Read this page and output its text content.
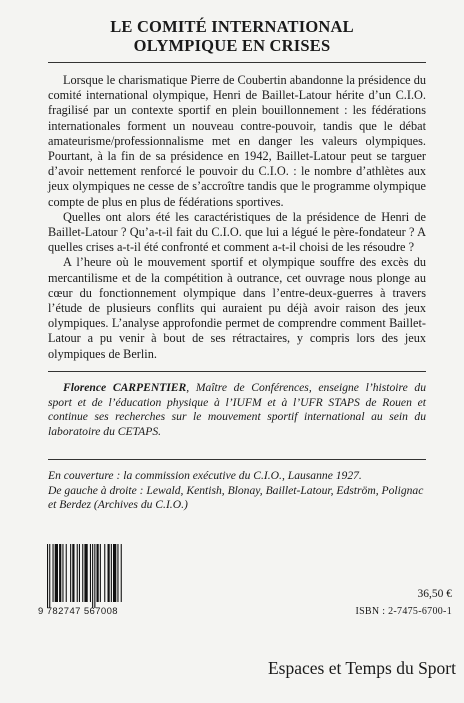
LE COMITÉ INTERNATIONAL
OLYMPIQUE EN CRISES

Lorsque le charismatique Pierre de Coubertin abandonne la présidence du comité international olympique, Henri de Baillet-Latour hérite d’un C.I.O. fragilisé par un contexte sportif en plein bouillonnement : les fédérations internationales forment un nouveau contre-pouvoir, tandis que le débat amateurisme/professionnalisme met en danger les valeurs olympiques. Pourtant, à la fin de sa présidence en 1942, Baillet-Latour peut se targuer d’avoir nettement renforcé le pouvoir du C.I.O. : le nombre d’athlètes aux jeux olympiques ne cesse de s’accroître tandis que le programme olympique compte de plus en plus de fédérations sportives.

Quelles ont alors été les caractéristiques de la présidence de Henri de Baillet-Latour ? Qu’a-t-il fait du C.I.O. que lui a légué le père-fondateur ? A quelles crises a-t-il été confronté et comment a-t-il choisi de les résoudre ?

A l’heure où le mouvement sportif et olympique souffre des excès du mercantilisme et de la compétition à outrance, cet ouvrage nous plonge au cœur du fonctionnement olympique dans l’entre-deux-guerres à travers l’étude de plusieurs conflits qui auraient pu déjà avoir raison des jeux olympiques. L’analyse approfondie permet de comprendre comment Baillet-Latour a pu venir à bout de ses rétractaires, y compris lors des jeux olympiques de Berlin.

Florence CARPENTIER, Maître de Conférences, enseigne l’histoire du sport et de l’éducation physique à l’IUFM et à l’UFR STAPS de Rouen et continue ses recherches sur le mouvement sportif international au sein du laboratoire du CETAPS.

En couverture : la commission exécutive du C.I.O., Lausanne 1927.

De gauche à droite : Lewald, Kentish, Blonay, Baillet-Latour, Edström, Polignac et Berdez (Archives du C.I.O.)

9 782747 567008
36,50 €
ISBN : 2-7475-6700-1
Espaces et Temps du Sport
